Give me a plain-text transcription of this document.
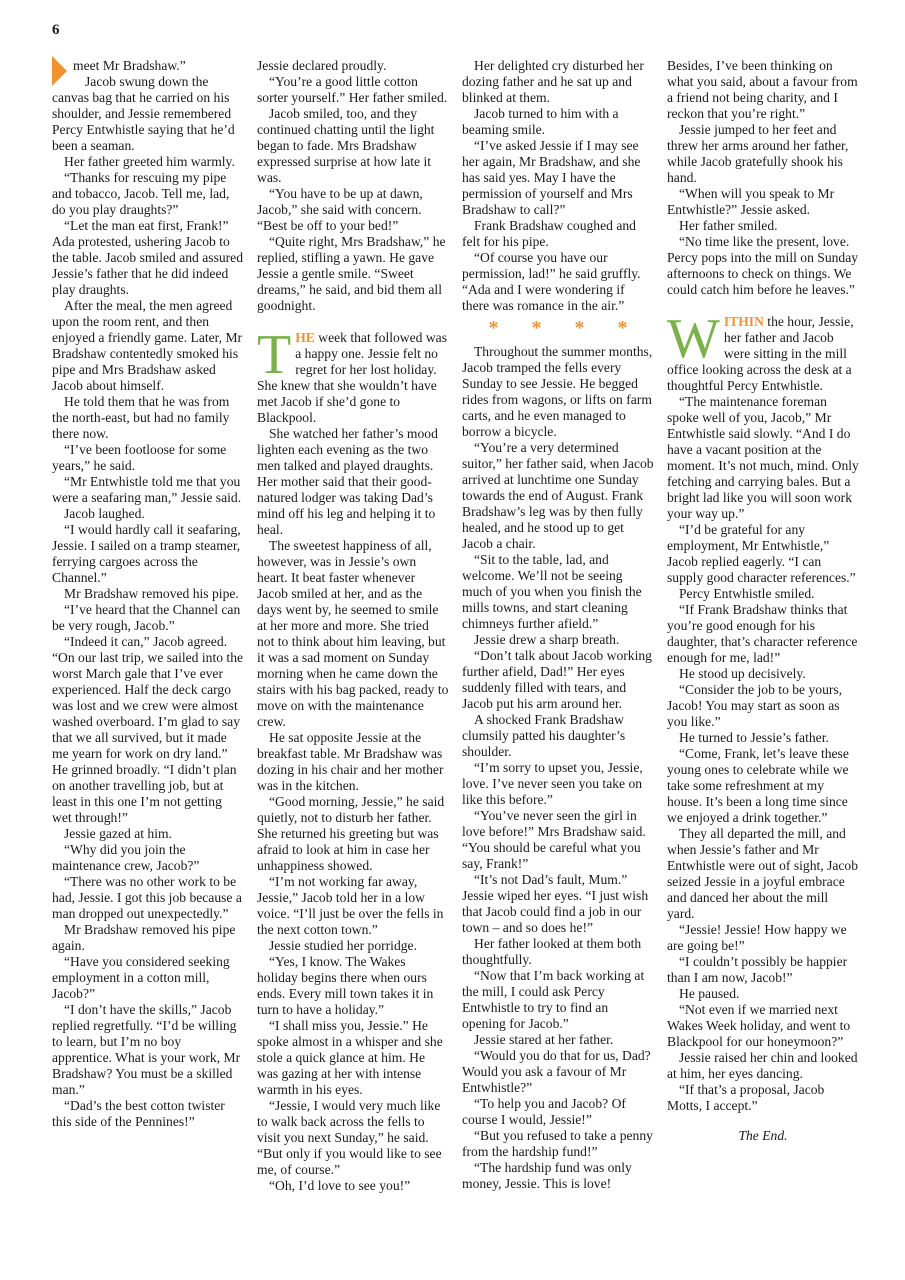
6

meet Mr Bradshaw.”

Jacob swung down the canvas bag that he carried on his shoulder, and Jessie remembered Percy Entwhistle saying that he’d been a seaman.

Her father greeted him warmly.

“Thanks for rescuing my pipe and tobacco, Jacob. Tell me, lad, do you play draughts?”

“Let the man eat first, Frank!” Ada protested, ushering Jacob to the table. Jacob smiled and assured Jessie’s father that he did indeed play draughts.

After the meal, the men agreed upon the room rent, and then enjoyed a friendly game. Later, Mr Bradshaw contentedly smoked his pipe and Mrs Bradshaw asked Jacob about himself.

He told them that he was from the north-east, but had no family there now.

“I’ve been footloose for some years,” he said.

“Mr Entwhistle told me that you were a seafaring man,” Jessie said.

Jacob laughed.

“I would hardly call it seafaring, Jessie. I sailed on a tramp steamer, ferrying cargoes across the Channel.”

Mr Bradshaw removed his pipe.

“I’ve heard that the Channel can be very rough, Jacob.”

“Indeed it can,” Jacob agreed. “On our last trip, we sailed into the worst March gale that I’ve ever experienced. Half the deck cargo was lost and we crew were almost washed overboard. I’m glad to say that we all survived, but it made me yearn for work on dry land.” He grinned broadly. “I didn’t plan on another travelling job, but at least in this one I’m not getting wet through!”

Jessie gazed at him.

“Why did you join the maintenance crew, Jacob?”

“There was no other work to be had, Jessie. I got this job because a man dropped out unexpectedly.”

Mr Bradshaw removed his pipe again.

“Have you considered seeking employment in a cotton mill, Jacob?”

“I don’t have the skills,” Jacob replied regretfully. “I’d be willing to learn, but I’m no boy apprentice. What is your work, Mr Bradshaw? You must be a skilled man.”

“Dad’s the best cotton twister this side of the Pennines!”

Jessie declared proudly.

“You’re a good little cotton sorter yourself.” Her father smiled.

Jacob smiled, too, and they continued chatting until the light began to fade. Mrs Bradshaw expressed surprise at how late it was.

“You have to be up at dawn, Jacob,” she said with concern. “Best be off to your bed!”

“Quite right, Mrs Bradshaw,” he replied, stifling a yawn. He gave Jessie a gentle smile. “Sweet dreams,” he said, and bid them all goodnight.

THE week that followed was a happy one. Jessie felt no regret for her lost holiday. She knew that she wouldn’t have met Jacob if she’d gone to Blackpool.

She watched her father’s mood lighten each evening as the two men talked and played draughts. Her mother said that their good-natured lodger was taking Dad’s mind off his leg and helping it to heal.

The sweetest happiness of all, however, was in Jessie’s own heart. It beat faster whenever Jacob smiled at her, and as the days went by, he seemed to smile at her more and more. She tried not to think about him leaving, but it was a sad moment on Sunday morning when he came down the stairs with his bag packed, ready to move on with the maintenance crew.

He sat opposite Jessie at the breakfast table. Mr Bradshaw was dozing in his chair and her mother was in the kitchen.

“Good morning, Jessie,” he said quietly, not to disturb her father. She returned his greeting but was afraid to look at him in case her unhappiness showed.

“I’m not working far away, Jessie,” Jacob told her in a low voice. “I’ll just be over the fells in the next cotton town.”

Jessie studied her porridge.

“Yes, I know. The Wakes holiday begins there when ours ends. Every mill town takes it in turn to have a holiday.”

“I shall miss you, Jessie.” He spoke almost in a whisper and she stole a quick glance at him. He was gazing at her with intense warmth in his eyes.

“Jessie, I would very much like to walk back across the fells to visit you next Sunday,” he said. “But only if you would like to see me, of course.”

“Oh, I’d love to see you!”

Her delighted cry disturbed her dozing father and he sat up and blinked at them.

Jacob turned to him with a beaming smile.

“I’ve asked Jessie if I may see her again, Mr Bradshaw, and she has said yes. May I have the permission of yourself and Mrs Bradshaw to call?”

Frank Bradshaw coughed and felt for his pipe.

“Of course you have our permission, lad!” he said gruffly. “Ada and I were wondering if there was romance in the air.”

* * * *

Throughout the summer months, Jacob tramped the fells every Sunday to see Jessie. He begged rides from wagons, or lifts on farm carts, and he even managed to borrow a bicycle.

“You’re a very determined suitor,” her father said, when Jacob arrived at lunchtime one Sunday towards the end of August. Frank Bradshaw’s leg was by then fully healed, and he stood up to get Jacob a chair.

“Sit to the table, lad, and welcome. We’ll not be seeing much of you when you finish the mills towns, and start cleaning chimneys further afield.”

Jessie drew a sharp breath.

“Don’t talk about Jacob working further afield, Dad!” Her eyes suddenly filled with tears, and Jacob put his arm around her.

A shocked Frank Bradshaw clumsily patted his daughter’s shoulder.

“I’m sorry to upset you, Jessie, love. I’ve never seen you take on like this before.”

“You’ve never seen the girl in love before!” Mrs Bradshaw said. “You should be careful what you say, Frank!”

“It’s not Dad’s fault, Mum.” Jessie wiped her eyes. “I just wish that Jacob could find a job in our town – and so does he!”

Her father looked at them both thoughtfully.

“Now that I’m back working at the mill, I could ask Percy Entwhistle to try to find an opening for Jacob.”

Jessie stared at her father.

“Would you do that for us, Dad? Would you ask a favour of Mr Entwhistle?”

“To help you and Jacob? Of course I would, Jessie!”

“But you refused to take a penny from the hardship fund!”

“The hardship fund was only money, Jessie. This is love!

Besides, I’ve been thinking on what you said, about a favour from a friend not being charity, and I reckon that you’re right.”

Jessie jumped to her feet and threw her arms around her father, while Jacob gratefully shook his hand.

“When will you speak to Mr Entwhistle?” Jessie asked.

Her father smiled.

“No time like the present, love. Percy pops into the mill on Sunday afternoons to check on things. We could catch him before he leaves.”

WITHIN the hour, Jessie, her father and Jacob were sitting in the mill office looking across the desk at a thoughtful Percy Entwhistle.

“The maintenance foreman spoke well of you, Jacob,” Mr Entwhistle said slowly. “And I do have a vacant position at the moment. It’s not much, mind. Only fetching and carrying bales. But a bright lad like you will soon work your way up.”

“I’d be grateful for any employment, Mr Entwhistle,” Jacob replied eagerly. “I can supply good character references.”

Percy Entwhistle smiled.

“If Frank Bradshaw thinks that you’re good enough for his daughter, that’s character reference enough for me, lad!”

He stood up decisively.

“Consider the job to be yours, Jacob! You may start as soon as you like.”

He turned to Jessie’s father.

“Come, Frank, let’s leave these young ones to celebrate while we take some refreshment at my house. It’s been a long time since we enjoyed a drink together.”

They all departed the mill, and when Jessie’s father and Mr Entwhistle were out of sight, Jacob seized Jessie in a joyful embrace and danced her about the mill yard.

“Jessie! Jessie! How happy we are going be!”

“I couldn’t possibly be happier than I am now, Jacob!”

He paused.

“Not even if we married next Wakes Week holiday, and went to Blackpool for our honeymoon?”

Jessie raised her chin and looked at him, her eyes dancing.

“If that’s a proposal, Jacob Motts, I accept.”

The End.
